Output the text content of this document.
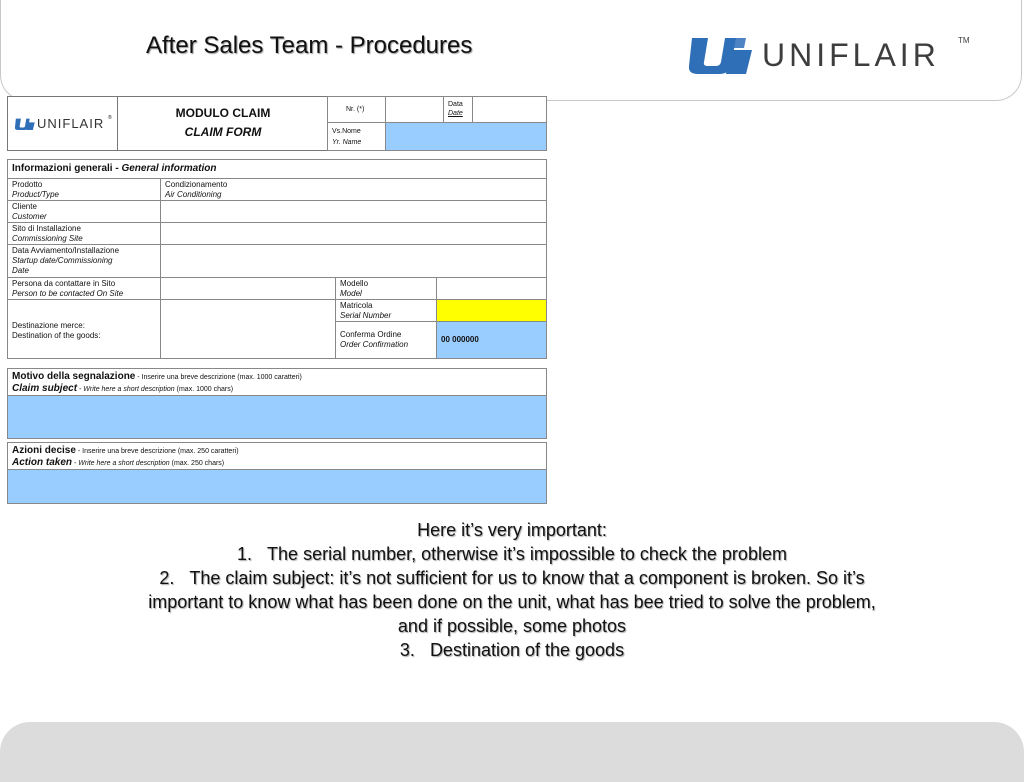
After Sales Team - Procedures	UNIFLAIR TM
UNIFLAIR ®	MODULO CLAIM
CLAIM FORM
Nr. (*)
Data
Date
Vs.Nome
Yr. Name
Informazioni generali - General information
Prodotto
Product/Type
Condizionamento
Air Conditioning
Cliente
Customer
Sito di Installazione
Commissioning Site
Data Avviamento/Installazione
Startup date/Commissioning
Date
Persona da contattare in Sito
Person to be contacted On Site
Modello
Model
Destinazione merce:
Destination of the goods:
Matricola
Serial Number
Conferma Ordine
Order Confirmation
00 000000
Motivo della segnalazione - Inserire una breve descrizione (max. 1000 caratteri)
Claim subject - Write here a short description (max. 1000 chars)
Azioni decise - Inserire una breve descrizione (max. 250 caratteri)
Action taken - Write here a short description (max. 250 chars)
Here it’s very important:
1. The serial number, otherwise it’s impossible to check the problem
2. The claim subject: it’s not sufficient for us to know that a component is broken. So it’s
important to know what has been done on the unit, what has bee tried to solve the problem,
and if possible, some photos
3. Destination of the goods
